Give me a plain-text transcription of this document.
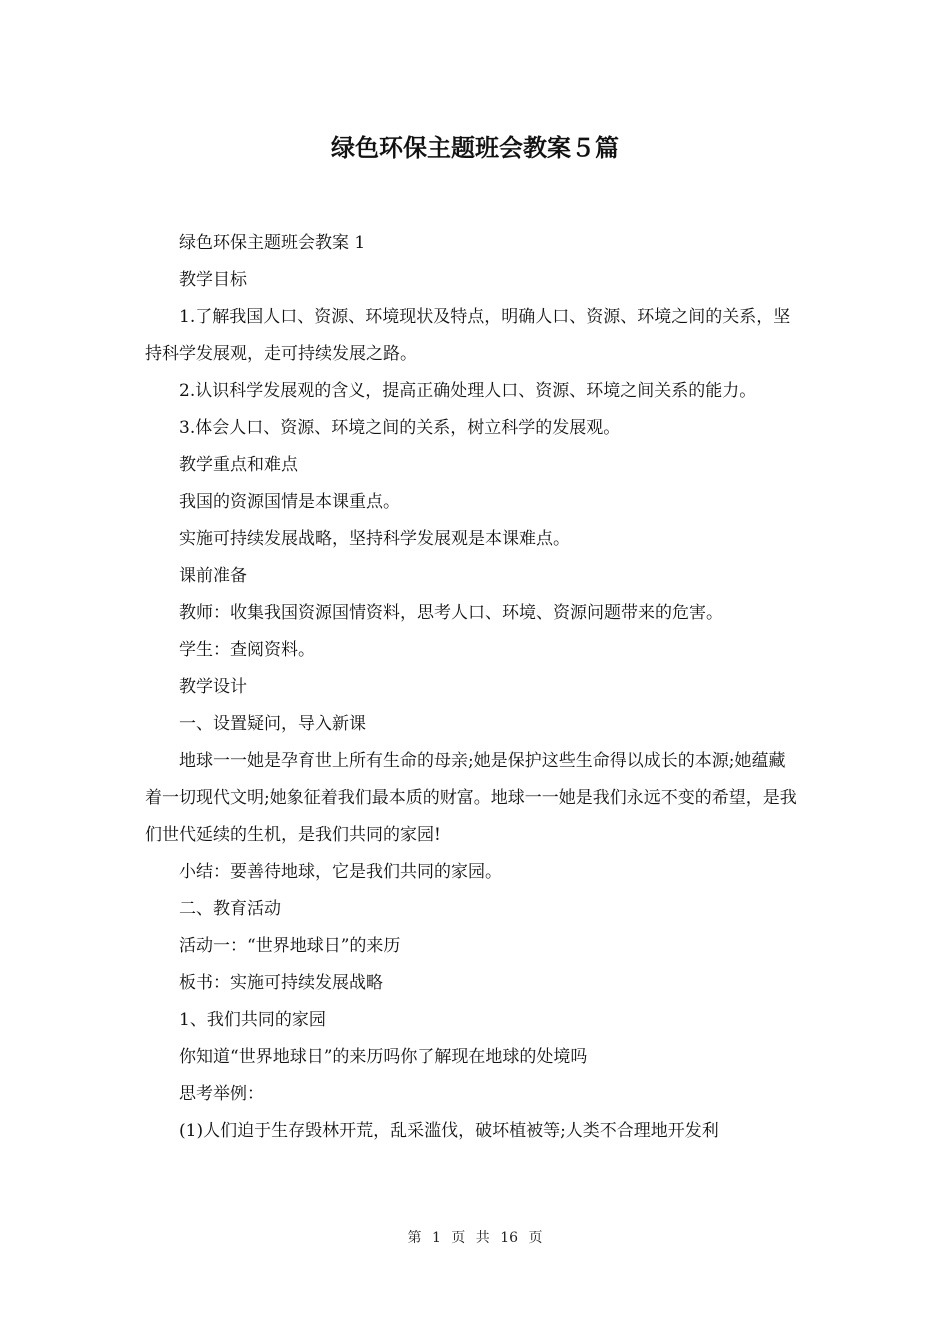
绿色环保主题班会教案５篇

绿色环保主题班会教案 1

教学目标

1.了解我国人口、资源、环境现状及特点，明确人口、资源、环境之间的关系，坚持科学发展观，走可持续发展之路。

2.认识科学发展观的含义，提高正确处理人口、资源、环境之间关系的能力。

3.体会人口、资源、环境之间的关系，树立科学的发展观。

教学重点和难点

我国的资源国情是本课重点。

实施可持续发展战略，坚持科学发展观是本课难点。

课前准备

教师：收集我国资源国情资料，思考人口、环境、资源问题带来的危害。

学生：查阅资料。

教学设计

一、设置疑问，导入新课

地球一一她是孕育世上所有生命的母亲;她是保护这些生命得以成长的本源;她蕴藏着一切现代文明;她象征着我们最本质的财富。地球一一她是我们永远不变的希望，是我们世代延续的生机，是我们共同的家园!

小结：要善待地球，它是我们共同的家园。

二、教育活动

活动一：“世界地球日”的来历

板书：实施可持续发展战略

1、我们共同的家园

你知道“世界地球日”的来历吗你了解现在地球的处境吗

思考举例：

(1)人们迫于生存毁林开荒，乱采滥伐，破坏植被等;人类不合理地开发利

第 1 页 共 16 页
